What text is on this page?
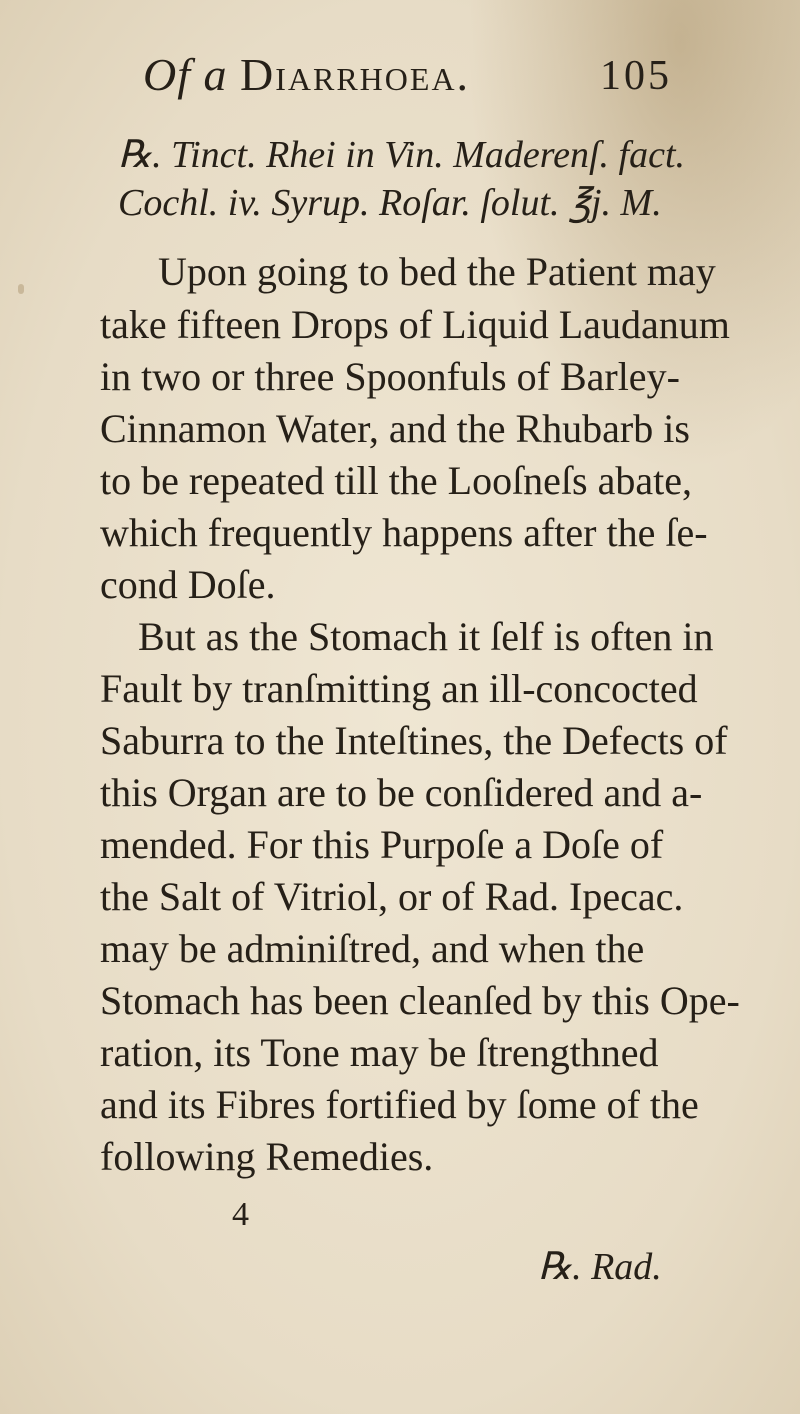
Of a Diarrhoea.	105
℞. Tinct. Rhei in Vin. Maderenſ. fact.
Cochl. iv. Syrup. Roſar. ſolut. ℥j. M.
Upon going to bed the Patient may
take fifteen Drops of Liquid Laudanum
in two or three Spoonfuls of Barley-
Cinnamon Water, and the Rhubarb is
to be repeated till the Looſneſs abate,
which frequently happens after the ſe-
cond Doſe.
But as the Stomach it ſelf is often in
Fault by tranſmitting an ill-concocted
Saburra to the Inteſtines, the Defects of
this Organ are to be conſidered and a-
mended. For this Purpoſe a Doſe of
the Salt of Vitriol, or of Rad. Ipecac.
may be adminiſtred, and when the
Stomach has been cleanſed by this Ope-
ration, its Tone may be ſtrengthned
and its Fibres fortified by ſome of the
following Remedies.
4
℞. Rad.
